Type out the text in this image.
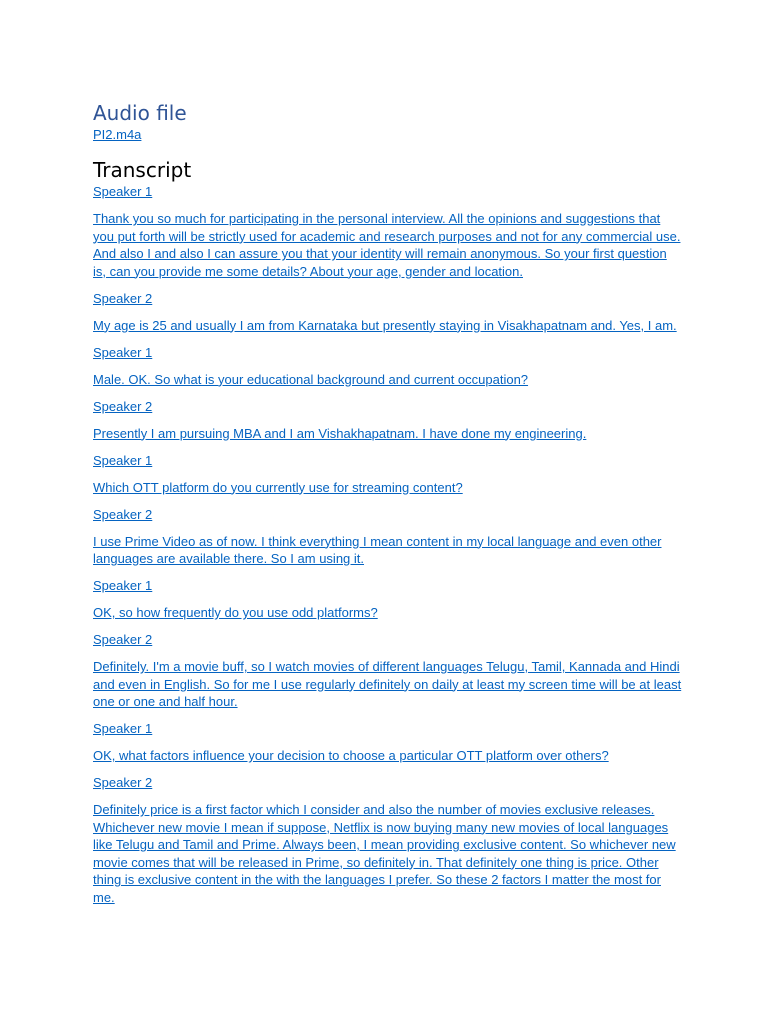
Audio file
PI2.m4a
Transcript
Speaker 1
Thank you so much for participating in the personal interview. All the opinions and suggestions that you put forth will be strictly used for academic and research purposes and not for any commercial use. And also I and also I can assure you that your identity will remain anonymous. So your first question is, can you provide me some details? About your age, gender and location.
Speaker 2
My age is 25 and usually I am from Karnataka but presently staying in Visakhapatnam and. Yes, I am.
Speaker 1
Male. OK. So what is your educational background and current occupation?
Speaker 2
Presently I am pursuing MBA and I am Vishakhapatnam. I have done my engineering.
Speaker 1
Which OTT platform do you currently use for streaming content?
Speaker 2
I use Prime Video as of now. I think everything I mean content in my local language and even other languages are available there. So I am using it.
Speaker 1
OK, so how frequently do you use odd platforms?
Speaker 2
Definitely. I'm a movie buff, so I watch movies of different languages Telugu, Tamil, Kannada and Hindi and even in English. So for me I use regularly definitely on daily at least my screen time will be at least one or one and half hour.
Speaker 1
OK, what factors influence your decision to choose a particular OTT platform over others?
Speaker 2
Definitely price is a first factor which I consider and also the number of movies exclusive releases. Whichever new movie I mean if suppose, Netflix is now buying many new movies of local languages like Telugu and Tamil and Prime. Always been, I mean providing exclusive content. So whichever new movie comes that will be released in Prime, so definitely in. That definitely one thing is price. Other thing is exclusive content in the with the languages I prefer. So these 2 factors I matter the most for me.
